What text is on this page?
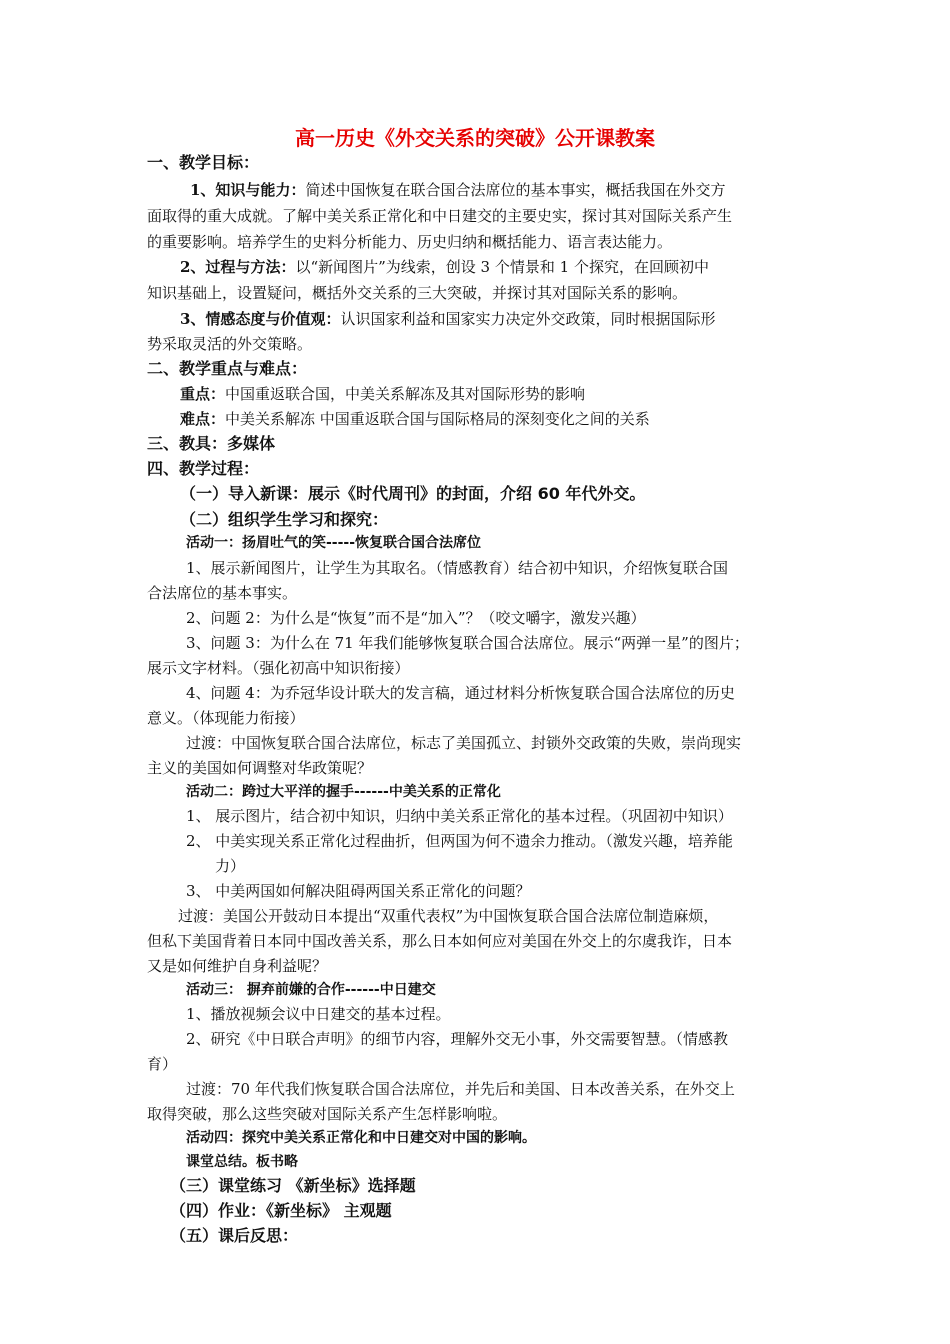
高一历史《外交关系的突破》公开课教案
一、教学目标：
1、知识与能力：简述中国恢复在联合国合法席位的基本事实，概括我国在外交方
面取得的重大成就。了解中美关系正常化和中日建交的主要史实，探讨其对国际关系产生
的重要影响。培养学生的史料分析能力、历史归纳和概括能力、语言表达能力。
2、过程与方法：以“新闻图片”为线索，创设 3 个情景和 1 个探究，在回顾初中
知识基础上，设置疑问，概括外交关系的三大突破，并探讨其对国际关系的影响。
3、情感态度与价值观：认识国家利益和国家实力决定外交政策，同时根据国际形
势采取灵活的外交策略。
二、教学重点与难点：
重点：中国重返联合国，中美关系解冻及其对国际形势的影响
难点：中美关系解冻 中国重返联合国与国际格局的深刻变化之间的关系
三、教具：多媒体
四、教学过程：
（一）导入新课：展示《时代周刊》的封面，介绍 60 年代外交。
（二）组织学生学习和探究：
活动一：扬眉吐气的笑-----恢复联合国合法席位
1、展示新闻图片，让学生为其取名。（情感教育）结合初中知识，介绍恢复联合国
合法席位的基本事实。
2、问题 2：为什么是“恢复”而不是“加入”？（咬文嚼字，激发兴趣）
3、问题 3：为什么在 71 年我们能够恢复联合国合法席位。展示“两弹一星”的图片；
展示文字材料。（强化初高中知识衔接）
4、问题 4：为乔冠华设计联大的发言稿，通过材料分析恢复联合国合法席位的历史
意义。（体现能力衔接）
过渡：中国恢复联合国合法席位，标志了美国孤立、封锁外交政策的失败，崇尚现实
主义的美国如何调整对华政策呢？
活动二：跨过大平洋的握手------中美关系的正常化
1、 展示图片，结合初中知识，归纳中美关系正常化的基本过程。（巩固初中知识）
2、 中美实现关系正常化过程曲折，但两国为何不遗余力推动。（激发兴趣，培养能
力）
3、 中美两国如何解决阻碍两国关系正常化的问题？
过渡：美国公开鼓动日本提出“双重代表权”为中国恢复联合国合法席位制造麻烦，
但私下美国背着日本同中国改善关系，那么日本如何应对美国在外交上的尔虞我诈，日本
又是如何维护自身利益呢？
活动三： 摒弃前嫌的合作------中日建交
1、播放视频会议中日建交的基本过程。
2、研究《中日联合声明》的细节内容，理解外交无小事，外交需要智慧。（情感教
育）
过渡：70 年代我们恢复联合国合法席位，并先后和美国、日本改善关系，在外交上
取得突破，那么这些突破对国际关系产生怎样影响啦。
活动四：探究中美关系正常化和中日建交对中国的影响。
课堂总结。板书略
（三）课堂练习 《新坐标》选择题
（四）作业：《新坐标》 主观题
（五）课后反思：
